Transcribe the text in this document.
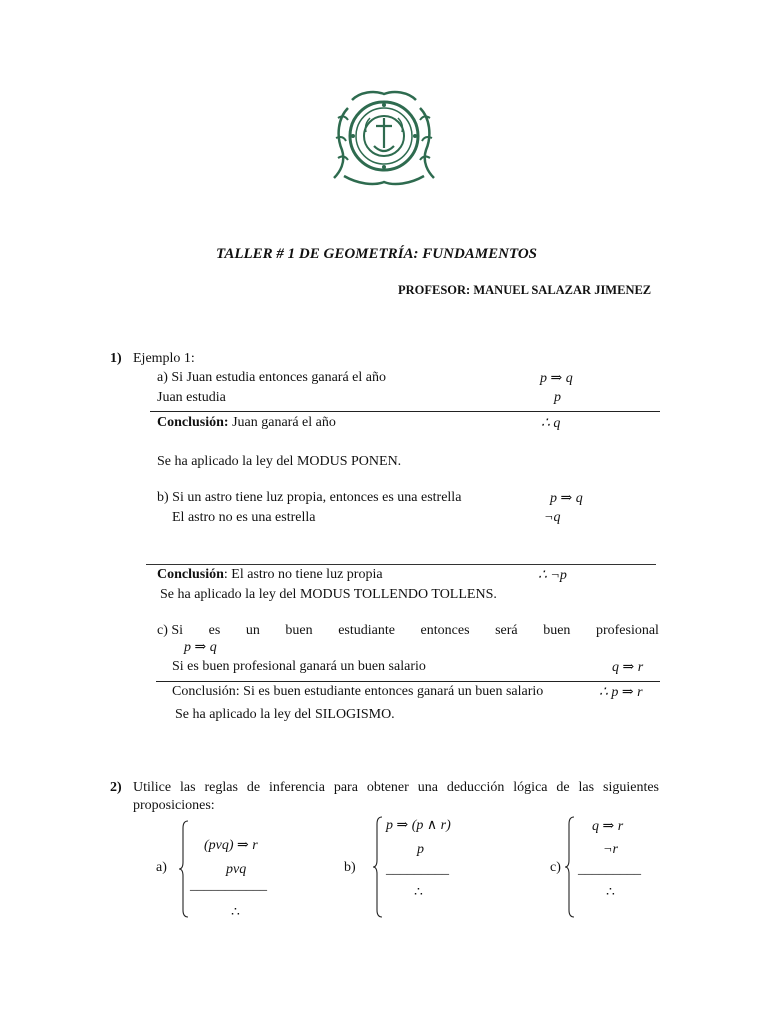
TALLER # 1 DE GEOMETRÍA: FUNDAMENTOS
PROFESOR: MANUEL SALAZAR JIMENEZ
1) Ejemplo 1:
a) Si Juan estudia entonces ganará el año	p ⇒ q
Juan estudia	p
Conclusión: Juan ganará el año	∴ q
Se ha aplicado la ley del MODUS PONEN.
b) Si un astro tiene luz propia, entonces es una estrella	p ⇒ q
El astro no es una estrella	¬q
Conclusión: El astro no tiene luz propia	∴ ¬p
Se ha aplicado la ley del MODUS TOLLENDO TOLLENS.
c) Si es un buen estudiante entonces será buen profesional
p ⇒ q
Si es buen profesional ganará un buen salario	q ⇒ r
Conclusión: Si es buen estudiante entonces ganará un buen salario	∴ p ⇒ r
Se ha aplicado la ley del SILOGISMO.
2) Utilice las reglas de inferencia para obtener una deducción lógica de las siguientes
proposiciones:
a)
(pvq) ⇒ r
pvq
___________
∴
b)
p ⇒ (p ∧ r)
p
_________
∴
c)
q ⇒ r
¬r
_________
∴
